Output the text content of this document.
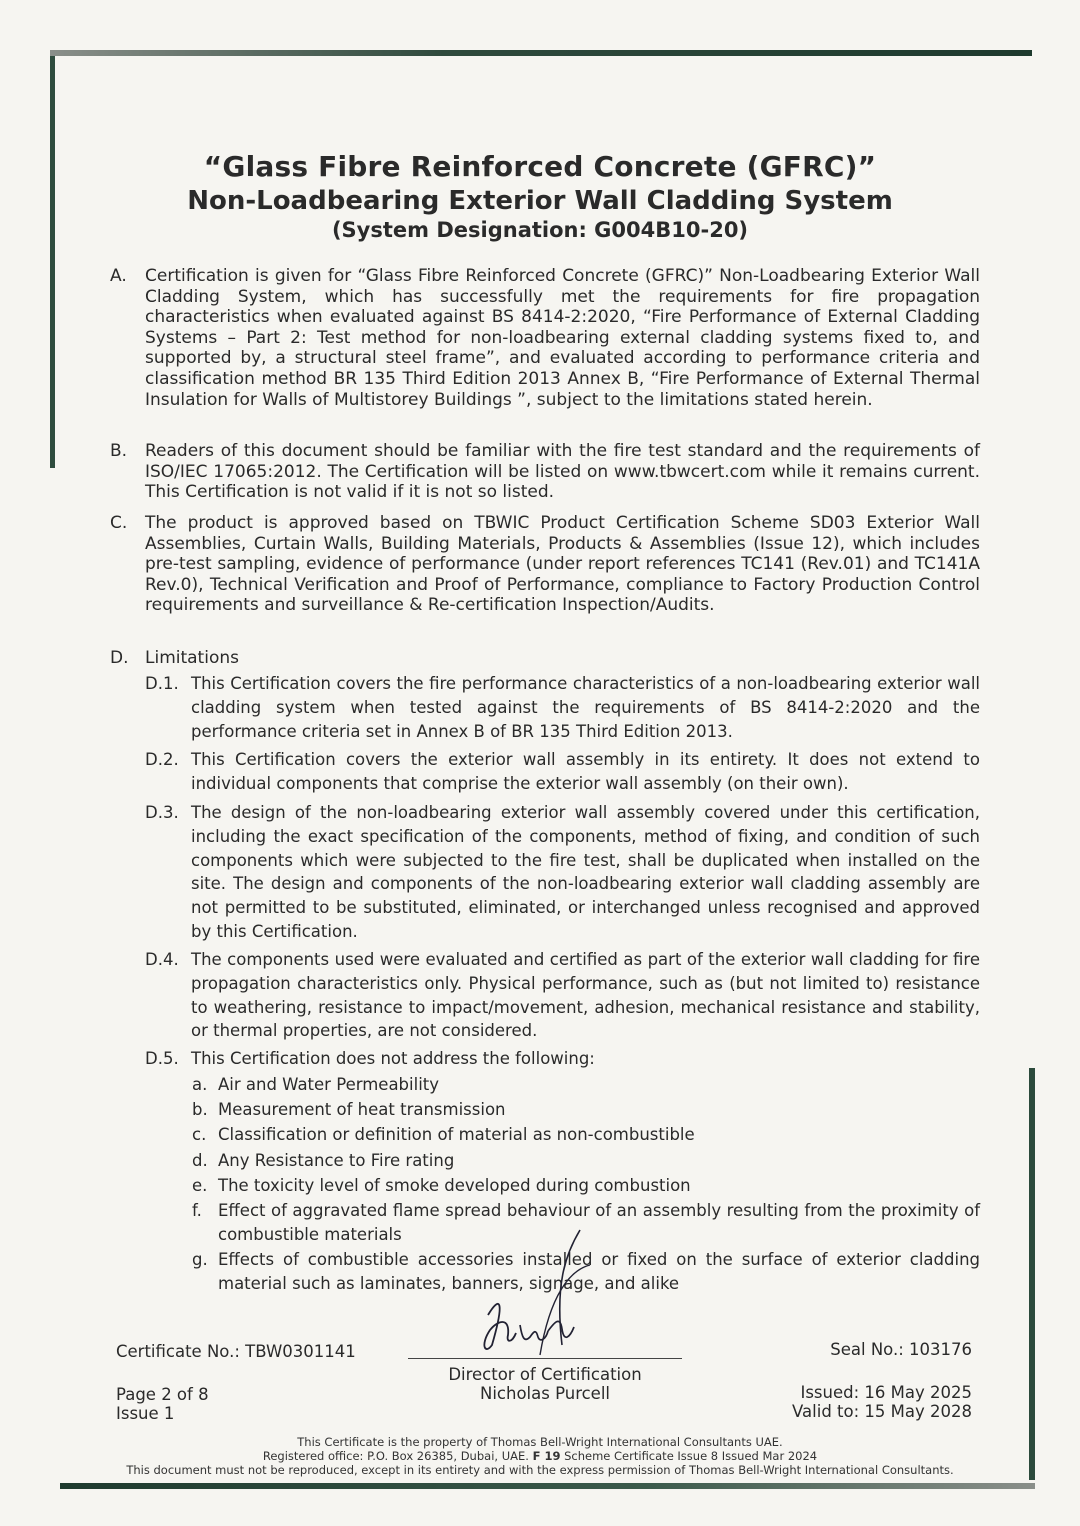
“Glass Fibre Reinforced Concrete (GFRC)”
Non-Loadbearing Exterior Wall Cladding System
(System Designation: G004B10-20)

A. Certification is given for “Glass Fibre Reinforced Concrete (GFRC)” Non-Loadbearing Exterior Wall Cladding System, which has successfully met the requirements for fire propagation characteristics when evaluated against BS 8414-2:2020, “Fire Performance of External Cladding Systems – Part 2: Test method for non-loadbearing external cladding systems fixed to, and supported by, a structural steel frame”, and evaluated according to performance criteria and classification method BR 135 Third Edition 2013 Annex B, “Fire Performance of External Thermal Insulation for Walls of Multistorey Buildings ”, subject to the limitations stated herein.

B. Readers of this document should be familiar with the fire test standard and the requirements of ISO/IEC 17065:2012. The Certification will be listed on www.tbwcert.com while it remains current. This Certification is not valid if it is not so listed.

C. The product is approved based on TBWIC Product Certification Scheme SD03 Exterior Wall Assemblies, Curtain Walls, Building Materials, Products & Assemblies (Issue 12), which includes pre-test sampling, evidence of performance (under report references TC141 (Rev.01) and TC141A Rev.0), Technical Verification and Proof of Performance, compliance to Factory Production Control requirements and surveillance & Re-certification Inspection/Audits.

D. Limitations

D.1. This Certification covers the fire performance characteristics of a non-loadbearing exterior wall cladding system when tested against the requirements of BS 8414-2:2020 and the performance criteria set in Annex B of BR 135 Third Edition 2013.

D.2. This Certification covers the exterior wall assembly in its entirety. It does not extend to individual components that comprise the exterior wall assembly (on their own).

D.3. The design of the non-loadbearing exterior wall assembly covered under this certification, including the exact specification of the components, method of fixing, and condition of such components which were subjected to the fire test, shall be duplicated when installed on the site. The design and components of the non-loadbearing exterior wall cladding assembly are not permitted to be substituted, eliminated, or interchanged unless recognised and approved by this Certification.

D.4. The components used were evaluated and certified as part of the exterior wall cladding for fire propagation characteristics only. Physical performance, such as (but not limited to) resistance to weathering, resistance to impact/movement, adhesion, mechanical resistance and stability, or thermal properties, are not considered.

D.5. This Certification does not address the following:

a. Air and Water Permeability

b. Measurement of heat transmission

c. Classification or definition of material as non-combustible

d. Any Resistance to Fire rating

e. The toxicity level of smoke developed during combustion

f. Effect of aggravated flame spread behaviour of an assembly resulting from the proximity of combustible materials

g. Effects of combustible accessories installed or fixed on the surface of exterior cladding material such as laminates, banners, signage, and alike

Certificate No.: TBW0301141	Seal No.: 103176

Director of Certification

Nicholas Purcell

Page 2 of 8

Issue 1

Issued: 16 May 2025

Valid to: 15 May 2028

This Certificate is the property of Thomas Bell-Wright International Consultants UAE.

Registered office: P.O. Box 26385, Dubai, UAE. F 19 Scheme Certificate Issue 8 Issued Mar 2024

This document must not be reproduced, except in its entirety and with the express permission of Thomas Bell-Wright International Consultants.
